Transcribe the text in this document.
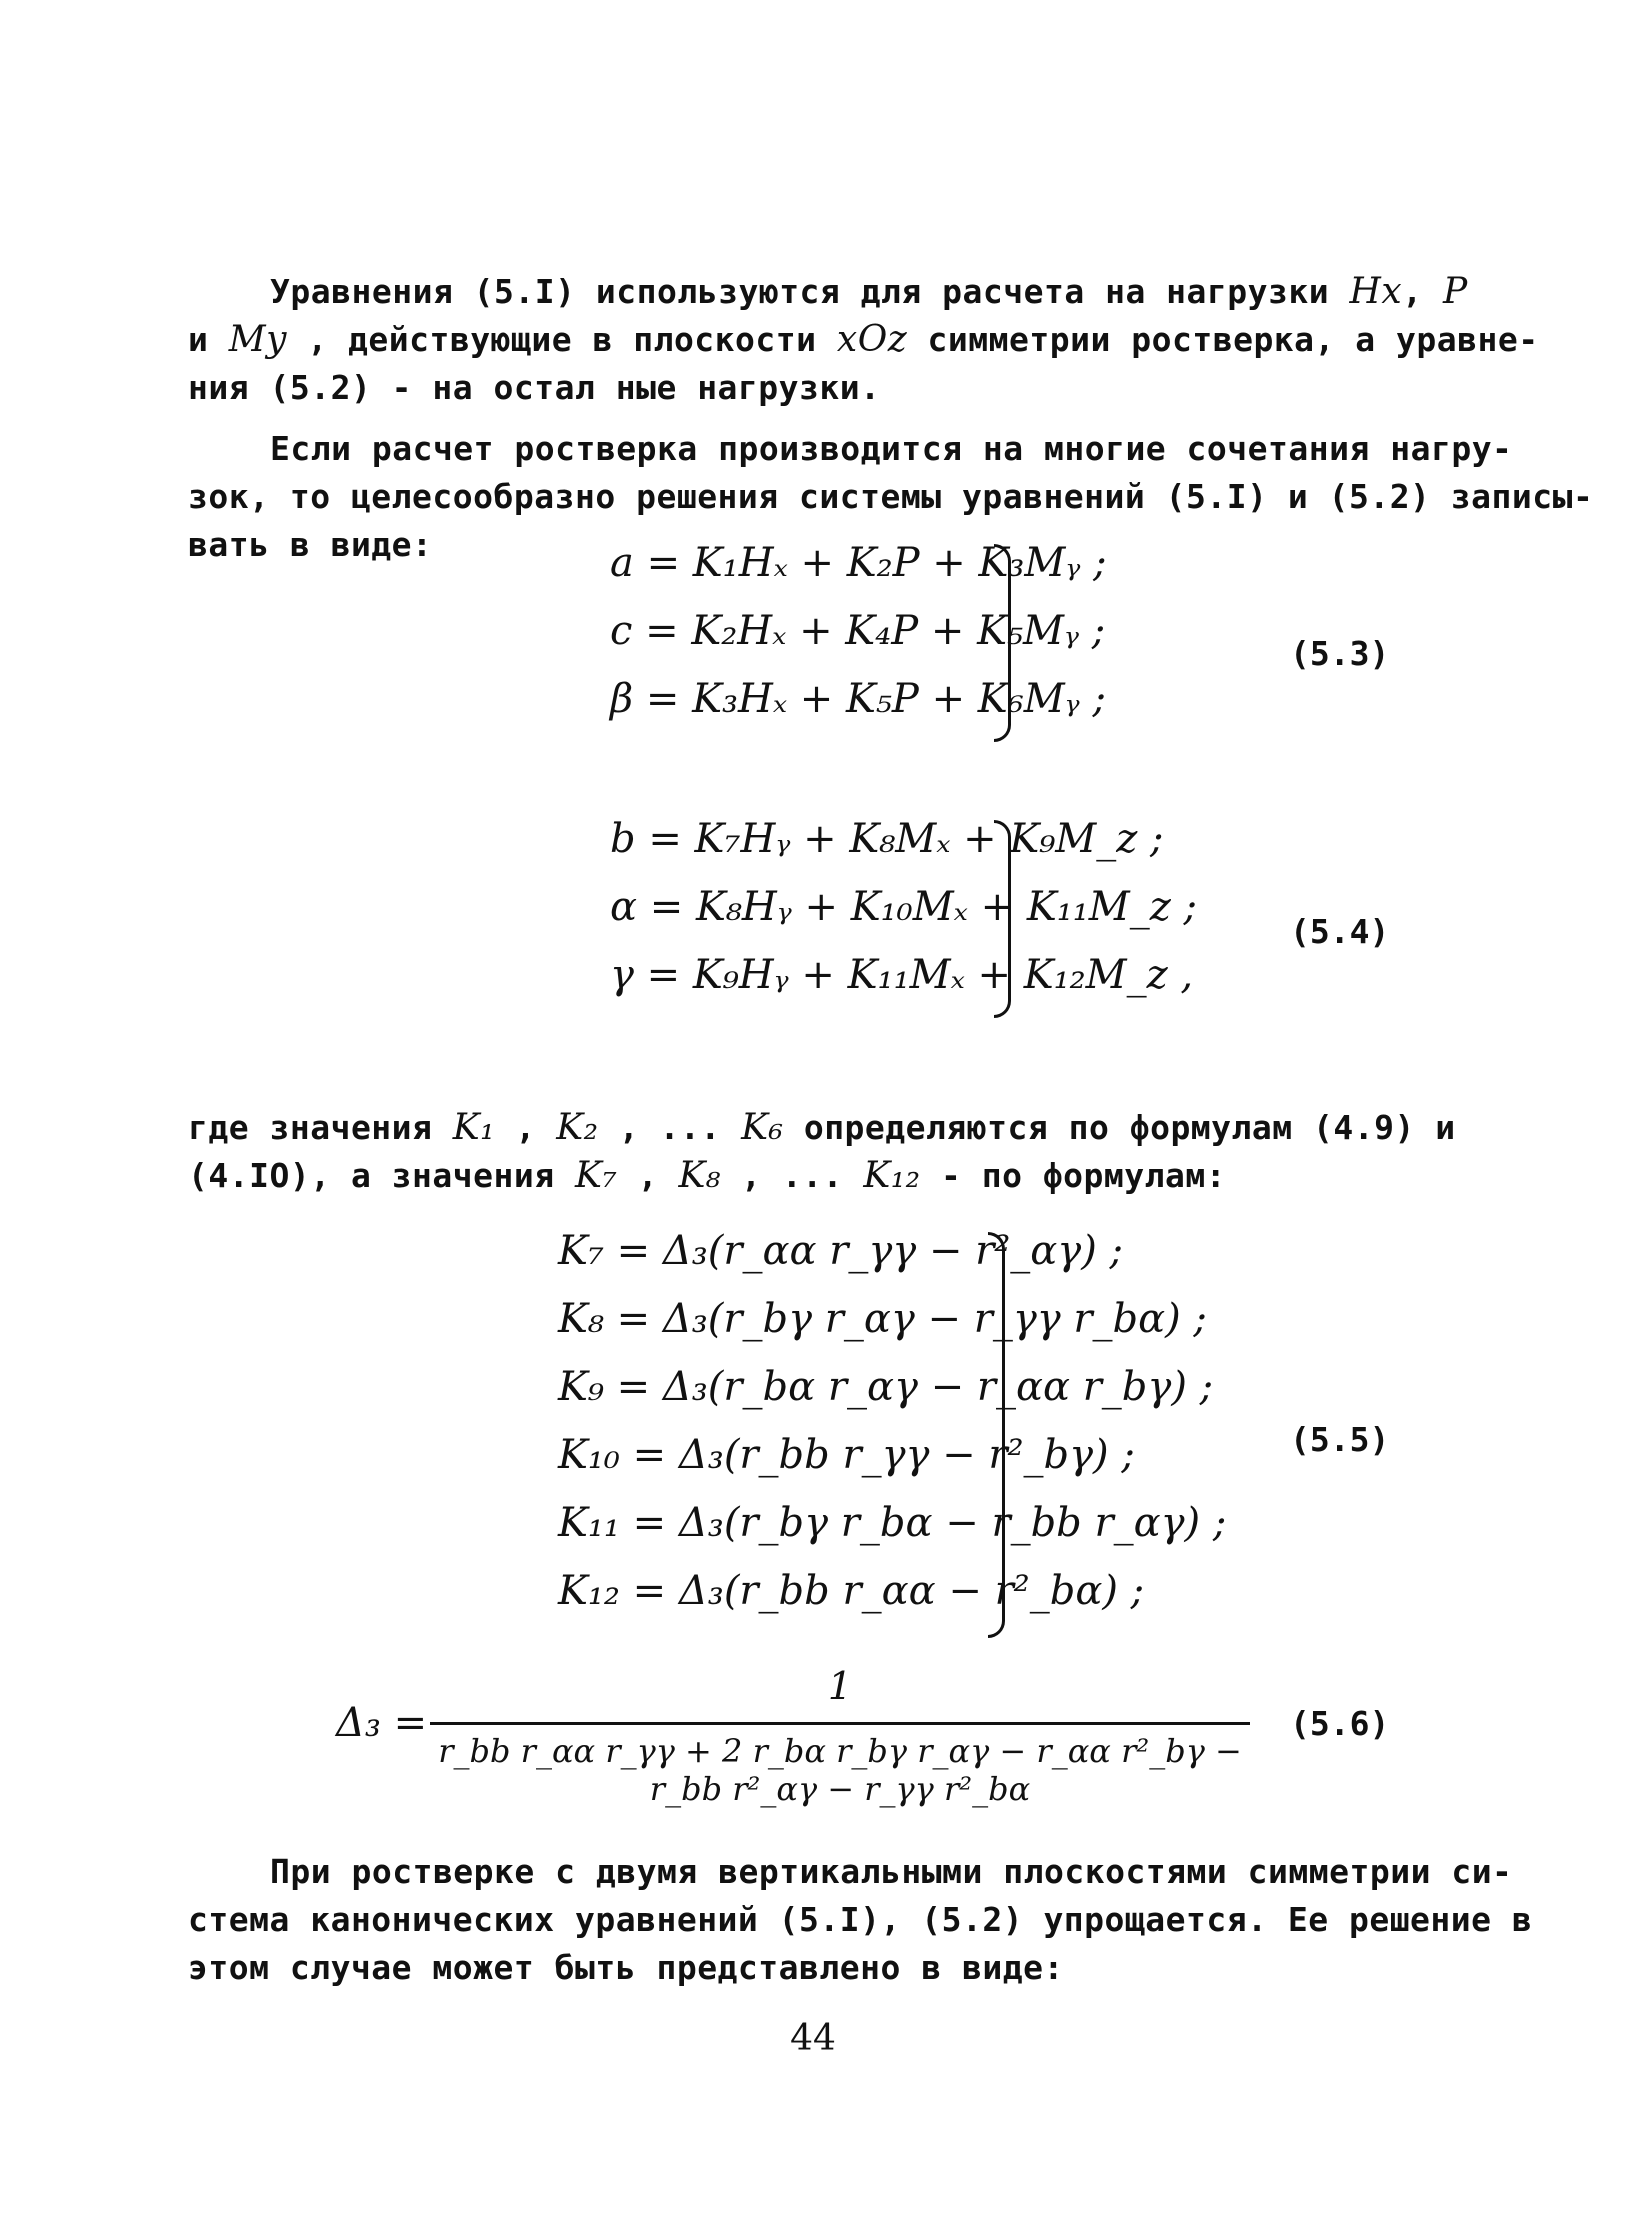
Уравнения (5.I) используются для расчета на нагрузки Hx, P
и My , действующие в плоскости xOz симметрии ростверка, а уравне-
ния (5.2) - на остал ные нагрузки.
Если расчет ростверка производится на многие сочетания нагру-
зок, то целесообразно решения системы уравнений (5.I) и (5.2) записы-
вать в виде:	a = K₁Hₓ + K₂P + K₃Mᵧ ;
c = K₂Hₓ + K₄P + K₅Mᵧ ;
β = K₃Hₓ + K₅P + K₆Mᵧ ;
(5.3)
b = K₇Hᵧ + K₈Mₓ + K₉M_z ;
α = K₈Hᵧ + K₁₀Mₓ + K₁₁M_z ;
γ = K₉Hᵧ + K₁₁Mₓ + K₁₂M_z ,
(5.4)
где значения K₁ , K₂ , ... K₆ определяются по формулам (4.9) и
(4.IO), а значения K₇ , K₈ , ... K₁₂ - по формулам:
K₇ = Δ₃(r_αα r_γγ − r²_αγ) ;
K₈ = Δ₃(r_bγ r_αγ − r_γγ r_bα) ;
K₉ = Δ₃(r_bα r_αγ − r_αα r_bγ) ;
K₁₀ = Δ₃(r_bb r_γγ − r²_bγ) ;
K₁₁ = Δ₃(r_bγ r_bα − r_bb r_αγ) ;
K₁₂ = Δ₃(r_bb r_αα − r²_bα) ;
(5.5)
Δ₃ =
1
r_bb r_αα r_γγ + 2 r_bα r_bγ r_αγ − r_αα r²_bγ − r_bb r²_αγ − r_γγ r²_bα
(5.6)
При ростверке с двумя вертикальными плоскостями симметрии си-
стема канонических уравнений (5.I), (5.2) упрощается. Ее решение в
этом случае может быть представлено в виде:
44
